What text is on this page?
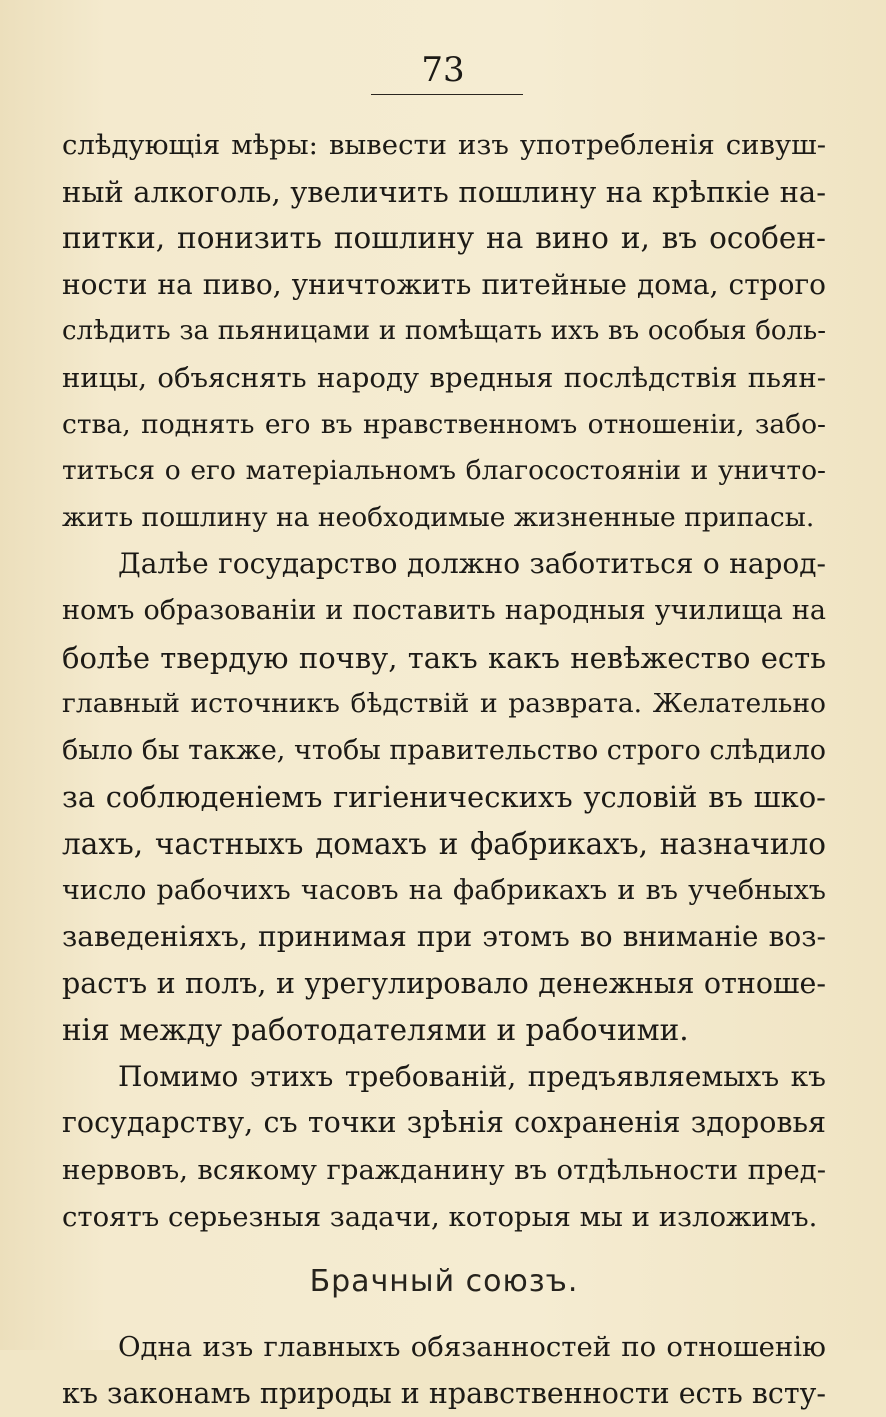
73
слѣдующія мѣры: вывести изъ употребленія сивуш-
ный алкоголь, увеличить пошлину на крѣпкіе на-
питки, понизить пошлину на вино и, въ особен-
ности на пиво, уничтожить питейные дома, строго
слѣдить за пьяницами и помѣщать ихъ въ особыя боль-
ницы, объяснять народу вредныя послѣдствія пьян-
ства, поднять его въ нравственномъ отношеніи, забо-
титься о его матеріальномъ благосостояніи и уничто-
жить пошлину на необходимые жизненные припасы.
Далѣе государство должно заботиться о народ-
номъ образованіи и поставить народныя училища на
болѣе твердую почву, такъ какъ невѣжество есть
главный источникъ бѣдствій и разврата. Желательно
было бы также, чтобы правительство строго слѣдило
за соблюденіемъ гигіеническихъ условій въ шко-
лахъ, частныхъ домахъ и фабрикахъ, назначило
число рабочихъ часовъ на фабрикахъ и въ учебныхъ
заведеніяхъ, принимая при этомъ во вниманіе воз-
растъ и полъ, и урегулировало денежныя отноше-
нія между работодателями и рабочими.
Помимо этихъ требованій, предъявляемыхъ къ
государству, съ точки зрѣнія сохраненія здоровья
нервовъ, всякому гражданину въ отдѣльности пред-
стоятъ серьезныя задачи, которыя мы и изложимъ.
Брачный союзъ.
Одна изъ главныхъ обязанностей по отношенію
къ законамъ природы и нравственности есть всту-
